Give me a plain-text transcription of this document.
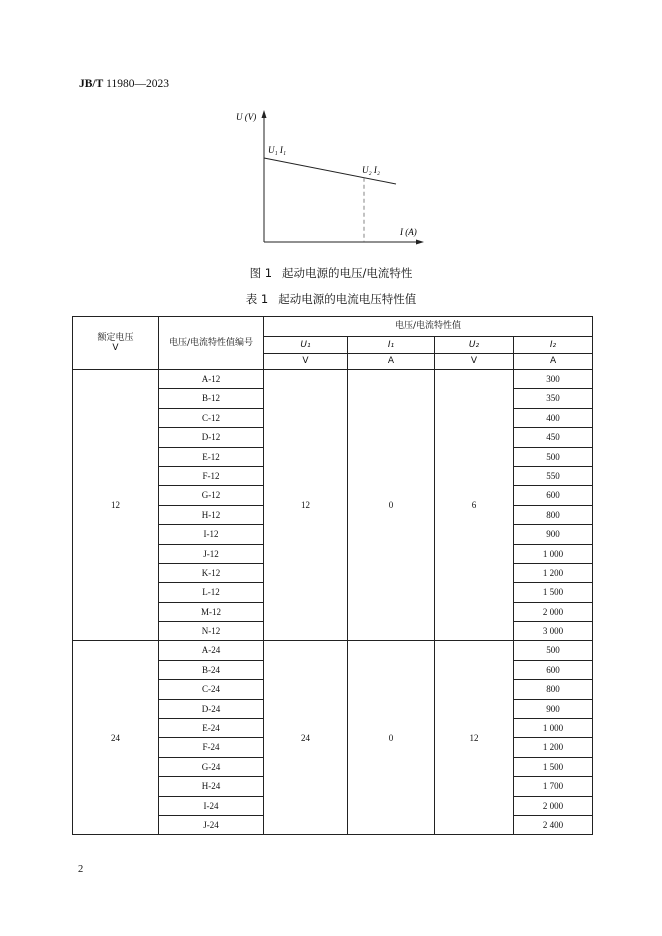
JB/T 11980—2023
U (V)
I (A)
U₁ I₁
U₂ I₂
图 1 起动电源的电压/电流特性
表 1 起动电源的电流电压特性值
额定电压
V	电压/电流特性值编号	电压/电流特性值			
		U₁	I₁	U₂	I₂
		V	A	V	A
12	A-12	12	0	6	300
	B-12				350
	C-12				400
	D-12				450
	E-12				500
	F-12				550
	G-12				600
	H-12				800
	I-12				900
	J-12				1 000
	K-12				1 200
	L-12				1 500
	M-12				2 000
	N-12				3 000
24	A-24	24	0	12	500
	B-24				600
	C-24				800
	D-24				900
	E-24				1 000
	F-24				1 200
	G-24				1 500
	H-24				1 700
	I-24				2 000
	J-24				2 400
2
